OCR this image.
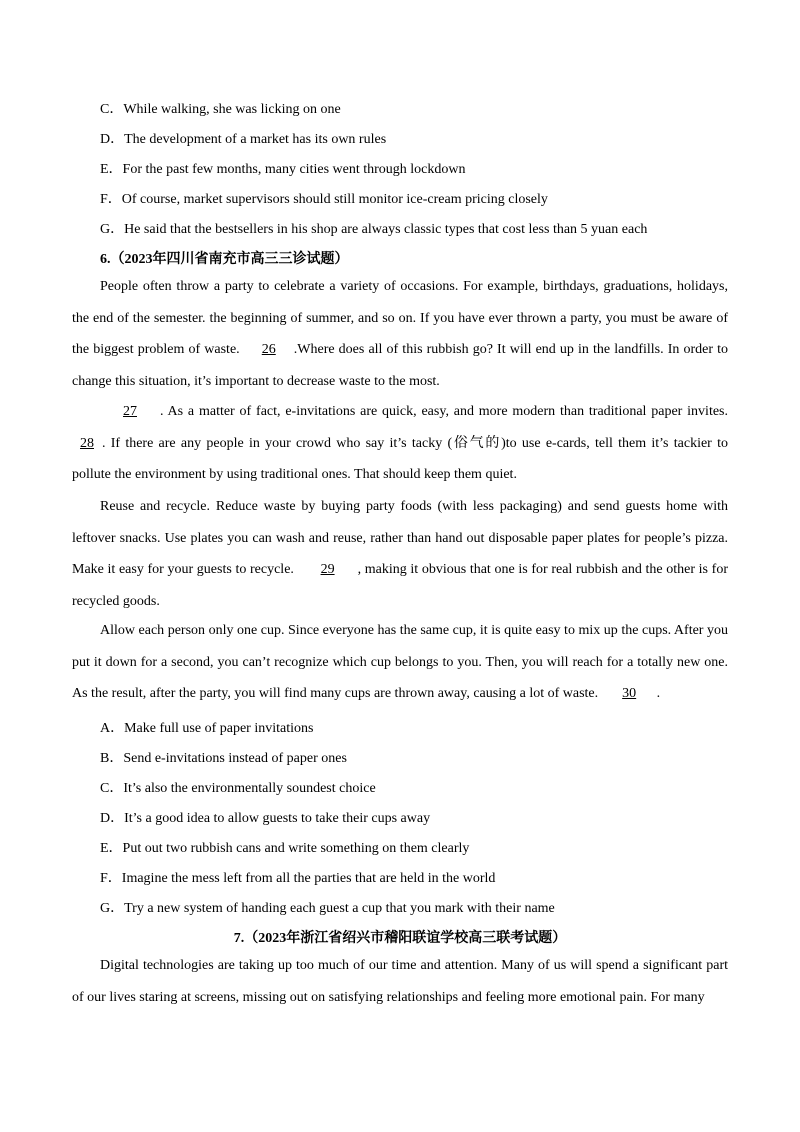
C．While walking, she was licking on one
D．The development of a market has its own rules
E．For the past few months, many cities went through lockdown
F．Of course, market supervisors should still monitor ice-cream pricing closely
G．He said that the bestsellers in his shop are always classic types that cost less than 5 yuan each
6.（2023年四川省南充市高三三诊试题）
People often throw a party to celebrate a variety of occasions. For example, birthdays, graduations, holidays, the end of the semester. the beginning of summer, and so on. If you have ever thrown a party, you must be aware of the biggest problem of waste. 26 .Where does all of this rubbish go? It will end up in the landfills. In order to change this situation, it’s important to decrease waste to the most.
27 . As a matter of fact, e-invitations are quick, easy, and more modern than traditional paper invites. 28 . If there are any people in your crowd who say it’s tacky (俗气的)to use e-cards, tell them it’s tackier to pollute the environment by using traditional ones. That should keep them quiet.
Reuse and recycle. Reduce waste by buying party foods (with less packaging) and send guests home with leftover snacks. Use plates you can wash and reuse, rather than hand out disposable paper plates for people’s pizza. Make it easy for your guests to recycle. 29 , making it obvious that one is for real rubbish and the other is for recycled goods.
Allow each person only one cup. Since everyone has the same cup, it is quite easy to mix up the cups. After you put it down for a second, you can’t recognize which cup belongs to you. Then, you will reach for a totally new one. As the result, after the party, you will find many cups are thrown away, causing a lot of waste. 30 .
A．Make full use of paper invitations
B．Send e-invitations instead of paper ones
C．It’s also the environmentally soundest choice
D．It’s a good idea to allow guests to take their cups away
E．Put out two rubbish cans and write something on them clearly
F．Imagine the mess left from all the parties that are held in the world
G．Try a new system of handing each guest a cup that you mark with their name
7.（2023年浙江省绍兴市稽阳联谊学校高三联考试题）
Digital technologies are taking up too much of our time and attention. Many of us will spend a significant part of our lives staring at screens, missing out on satisfying relationships and feeling more emotional pain. For many
